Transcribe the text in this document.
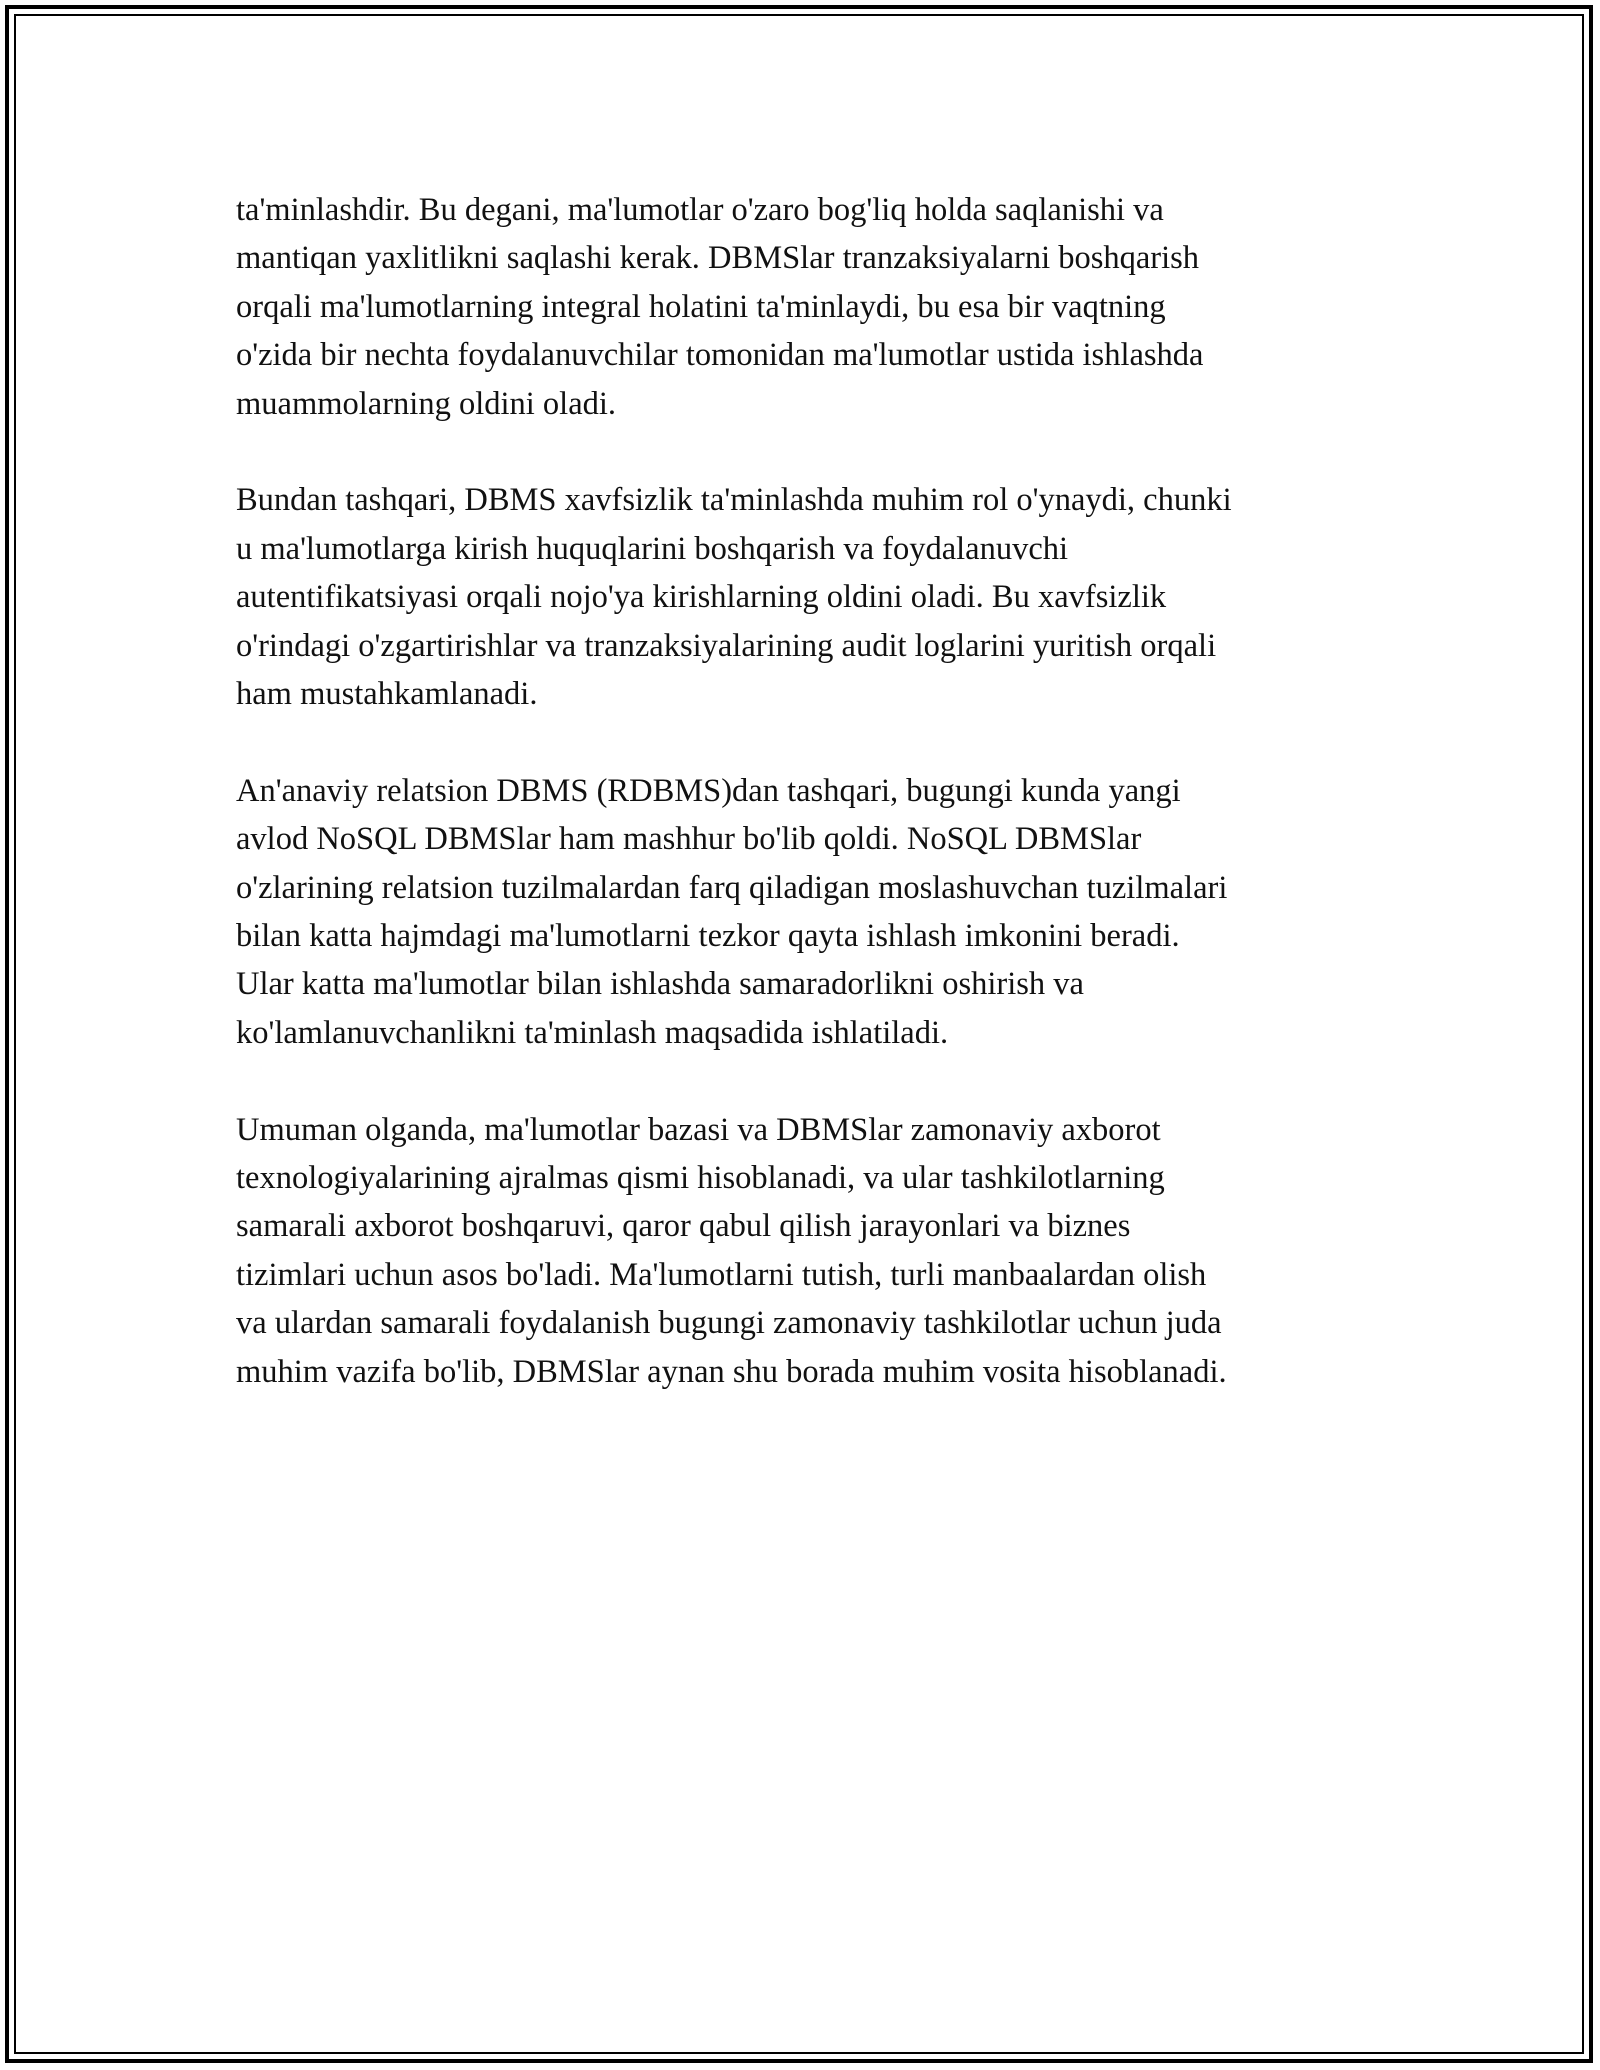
ta'minlashdir. Bu degani, ma'lumotlar o'zaro bog'liq holda saqlanishi va
mantiqan yaxlitlikni saqlashi kerak. DBMSlar tranzaksiyalarni boshqarish
orqali ma'lumotlarning integral holatini ta'minlaydi, bu esa bir vaqtning
o'zida bir nechta foydalanuvchilar tomonidan ma'lumotlar ustida ishlashda
muammolarning oldini oladi.

Bundan tashqari, DBMS xavfsizlik ta'minlashda muhim rol o'ynaydi, chunki
u ma'lumotlarga kirish huquqlarini boshqarish va foydalanuvchi
autentifikatsiyasi orqali nojo'ya kirishlarning oldini oladi. Bu xavfsizlik
o'rindagi o'zgartirishlar va tranzaksiyalarining audit loglarini yuritish orqali
ham mustahkamlanadi.

An'anaviy relatsion DBMS (RDBMS)dan tashqari, bugungi kunda yangi
avlod NoSQL DBMSlar ham mashhur bo'lib qoldi. NoSQL DBMSlar
o'zlarining relatsion tuzilmalardan farq qiladigan moslashuvchan tuzilmalari
bilan katta hajmdagi ma'lumotlarni tezkor qayta ishlash imkonini beradi.
Ular katta ma'lumotlar bilan ishlashda samaradorlikni oshirish va
ko'lamlanuvchanlikni ta'minlash maqsadida ishlatiladi.

Umuman olganda, ma'lumotlar bazasi va DBMSlar zamonaviy axborot
texnologiyalarining ajralmas qismi hisoblanadi, va ular tashkilotlarning
samarali axborot boshqaruvi, qaror qabul qilish jarayonlari va biznes
tizimlari uchun asos bo'ladi. Ma'lumotlarni tutish, turli manbaalardan olish
va ulardan samarali foydalanish bugungi zamonaviy tashkilotlar uchun juda
muhim vazifa bo'lib, DBMSlar aynan shu borada muhim vosita hisoblanadi.
